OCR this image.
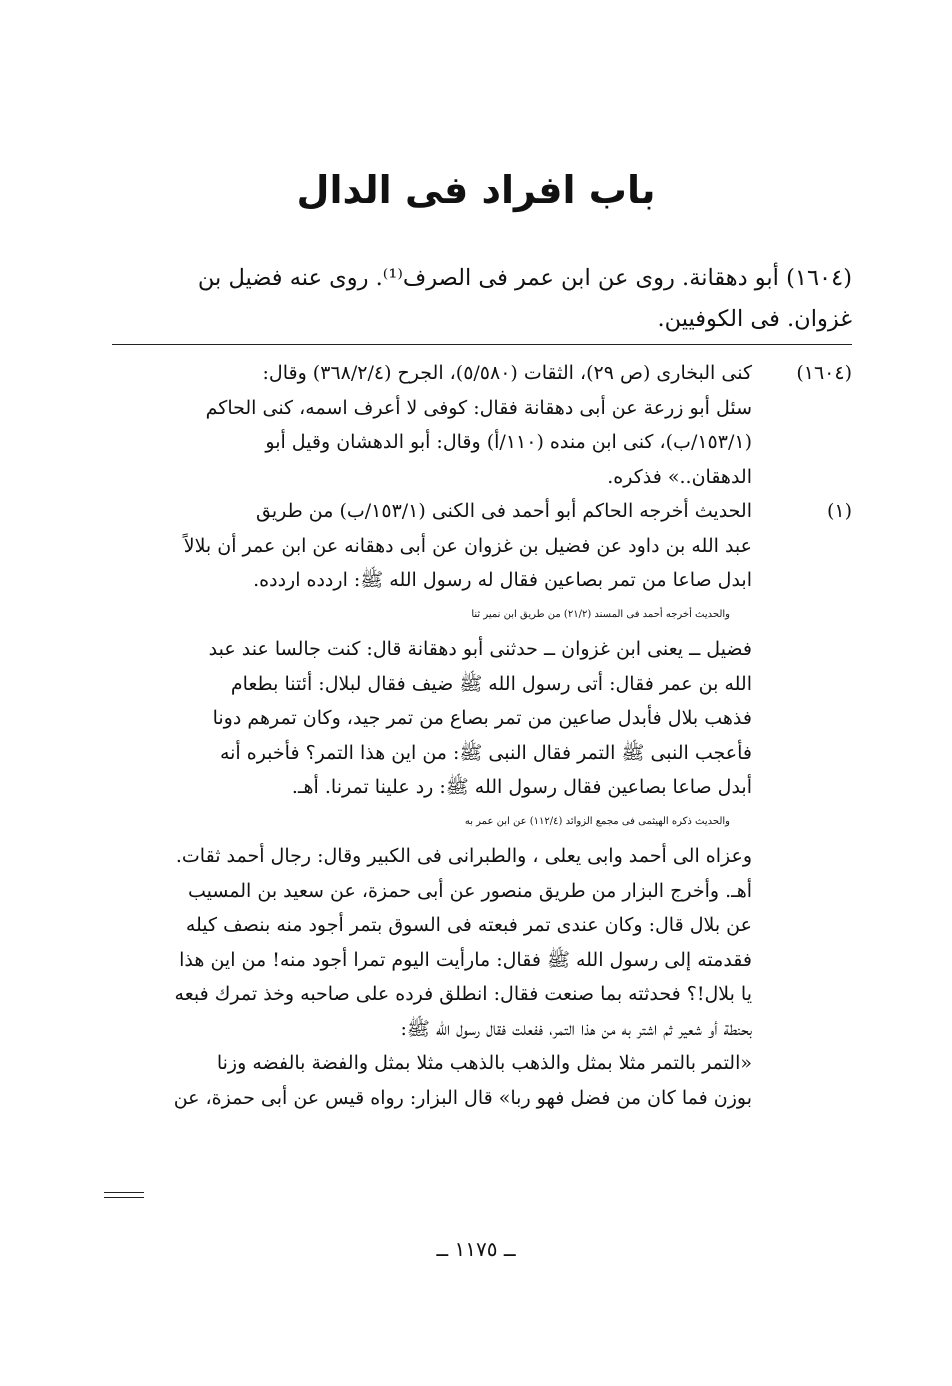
باب افراد فى الدال
(١٦٠٤) أبو دهقانة. روى عن ابن عمر فى الصرف⁽¹⁾. روى عنه فضيل بن
غزوان. فى الكوفيين.
(١٦٠٤)
كنى البخارى (ص ٢٩)، الثقات (٥/٥٨٠)، الجرح (٣٦٨/٢/٤) وقال:
سئل أبو زرعة عن أبى دهقانة فقال: كوفى لا أعرف اسمه، كنى الحاكم
(١٥٣/١/ب)، كنى ابن منده (١١٠/أ) وقال: أبو الدهشان وقيل أبو
الدهقان..» فذكره.
(١)
الحديث أخرجه الحاكم أبو أحمد فى الكنى (١٥٣/١/ب) من طريق
عبد الله بن داود عن فضيل بن غزوان عن أبى دهقانه عن ابن عمر أن بلالاً
ابدل صاعا من تمر بصاعين فقال له رسول الله ﷺ: اردده اردده.
والحديث أخرجه أحمد فى المسند (٢١/٢) من طريق ابن نمير ثنا
فضيل ــ يعنى ابن غزوان ــ حدثنى أبو دهقانة قال: كنت جالسا عند عبد
الله بن عمر فقال: أتى رسول الله ﷺ ضيف فقال لبلال: أئتنا بطعام
فذهب بلال فأبدل صاعين من تمر بصاع من تمر جيد، وكان تمرهم دونا
فأعجب النبى ﷺ التمر فقال النبى ﷺ: من اين هذا التمر؟ فأخبره أنه
أبدل صاعا بصاعين فقال رسول الله ﷺ: رد علينا تمرنا. أهـ.
والحديث ذكره الهيثمى فى مجمع الزوائد (١١٢/٤) عن ابن عمر به
وعزاه الى أحمد وابى يعلى ، والطبرانى فى الكبير وقال: رجال أحمد ثقات.
أهـ. وأخرج البزار من طريق منصور عن أبى حمزة، عن سعيد بن المسيب
عن بلال قال: وكان عندى تمر فبعته فى السوق بتمر أجود منه بنصف كيله
فقدمته إلى رسول الله ﷺ فقال: مارأيت اليوم تمرا أجود منه! من اين هذا
يا بلال!؟ فحدثته بما صنعت فقال: انطلق فرده على صاحبه وخذ تمرك فبعه
بحنطة أو شعير ثم اشتر به من هذا التمر، ففعلت فقال رسول الله ﷺ:
«التمر بالتمر مثلا بمثل والذهب بالذهب مثلا بمثل والفضة بالفضه وزنا
بوزن فما كان من فضل فهو ربا» قال البزار: رواه قيس عن أبى حمزة، عن
ــ ١١٧٥ ــ
